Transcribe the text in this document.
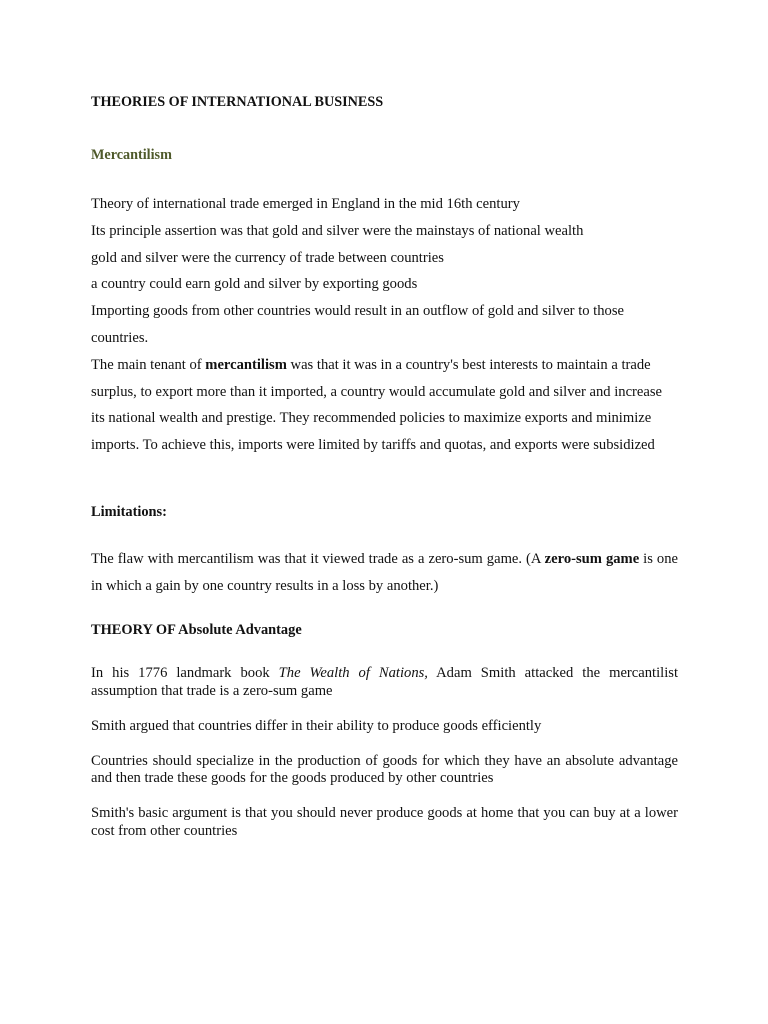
THEORIES OF INTERNATIONAL BUSINESS
Mercantilism

Theory of international trade emerged in England in the mid 16th century

Its principle assertion was that gold and silver were the mainstays of national wealth

gold and silver were the currency of trade between countries

a country could earn gold and silver by exporting goods

Importing goods from other countries would result in an outflow of gold and silver to those countries.

The main tenant of mercantilism was that it was in a country's best interests to maintain a trade surplus, to export more than it imported, a country would accumulate gold and silver and increase its national wealth and prestige. They recommended policies to maximize exports and minimize imports. To achieve this, imports were limited by tariffs and quotas, and exports were subsidized

Limitations:

The flaw with mercantilism was that it viewed trade as a zero-sum game. (A zero-sum game is one in which a gain by one country results in a loss by another.)

THEORY OF Absolute Advantage

In his 1776 landmark book The Wealth of Nations, Adam Smith attacked the mercantilist assumption that trade is a zero-sum game

Smith argued that countries differ in their ability to produce goods efficiently

Countries should specialize in the production of goods for which they have an absolute advantage and then trade these goods for the goods produced by other countries

Smith's basic argument is that you should never produce goods at home that you can buy at a lower cost from other countries
